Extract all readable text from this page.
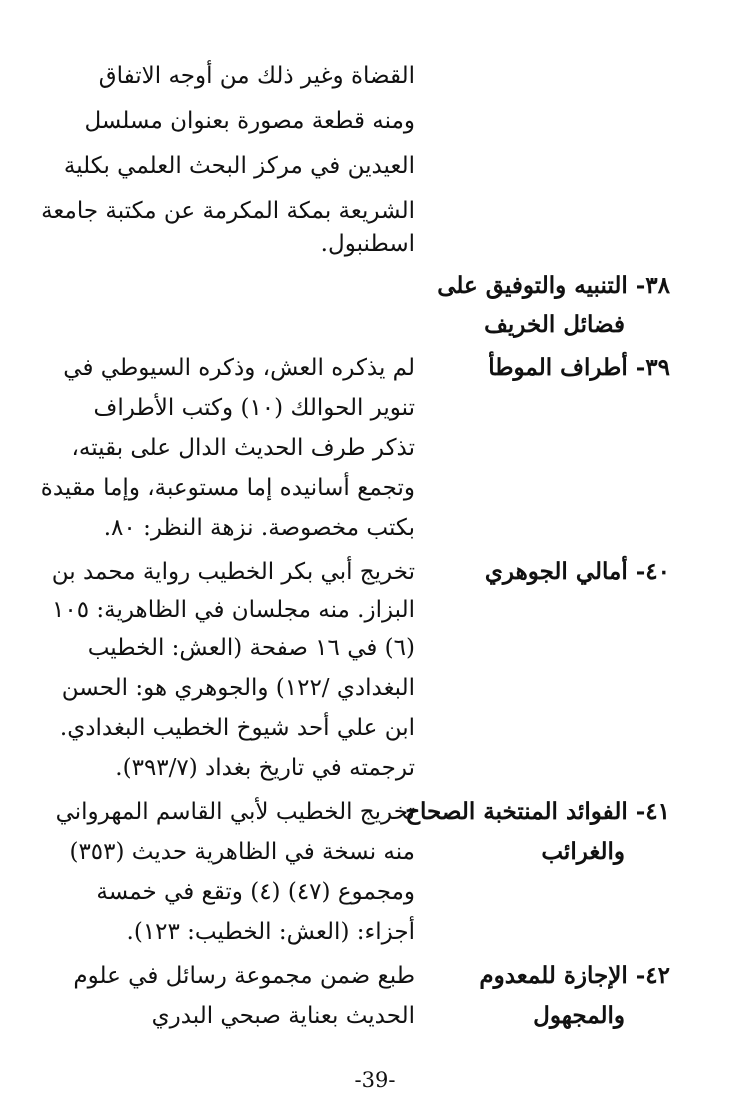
القضاة وغير ذلك من أوجه الاتفاق
ومنه قطعة مصورة بعنوان مسلسل
العيدين في مركز البحث العلمي بكلية
الشريعة بمكة المكرمة عن مكتبة جامعة
اسطنبول.
٣٨- التنبيه والتوفيق على
فضائل الخريف
٣٩- أطراف الموطأ
لم يذكره العش، وذكره السيوطي في
تنوير الحوالك (١٠) وكتب الأطراف
تذكر طرف الحديث الدال على بقيته،
وتجمع أسانيده إما مستوعبة، وإما مقيدة
بكتب مخصوصة. نزهة النظر: ٨٠.
٤٠- أمالي الجوهري
تخريج أبي بكر الخطيب رواية محمد بن
البزاز. منه مجلسان في الظاهرية: ١٠٥
(٦) في ١٦ صفحة (العش: الخطيب
البغدادي /١٢٢) والجوهري هو: الحسن
ابن علي أحد شيوخ الخطيب البغدادي.
ترجمته في تاريخ بغداد (٣٩٣/٧).
٤١- الفوائد المنتخبة الصحاح
والغرائب
تخريج الخطيب لأبي القاسم المهرواني
منه نسخة في الظاهرية حديث (٣٥٣)
ومجموع (٤٧) (٤) وتقع في خمسة
أجزاء: (العش: الخطيب: ١٢٣).
٤٢- الإجازة للمعدوم
والمجهول
طبع ضمن مجموعة رسائل في علوم
الحديث بعناية صبحي البدري
-39-
